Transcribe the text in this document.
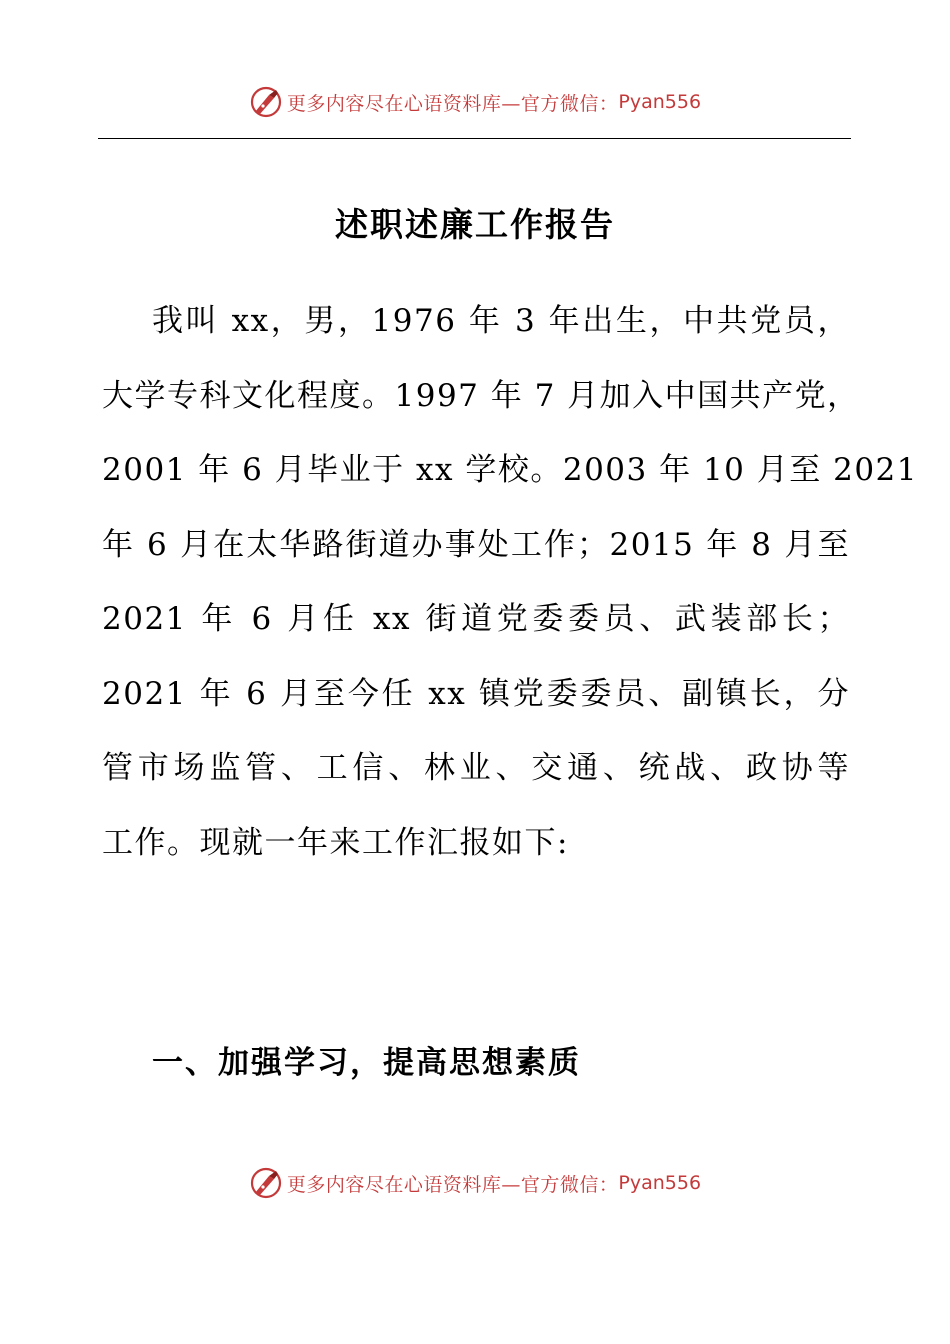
更多内容尽在心语资料库—官方微信： Pyan556
述职述廉工作报告
我叫 xx，男，1976 年 3 年出生，中共党员，
大学专科文化程度。1997 年 7 月加入中国共产党，
2001 年 6 月毕业于 xx 学校。2003 年 10 月至 2021
年 6 月在太华路街道办事处工作；2015 年 8 月至
2021 年 6 月任 xx 街道党委委员、武装部长；
2021 年 6 月至今任 xx 镇党委委员、副镇长，分
管市场监管、工信、林业、交通、统战、政协等
工作。现就一年来工作汇报如下:
一、加强学习，提高思想素质
更多内容尽在心语资料库—官方微信： Pyan556
